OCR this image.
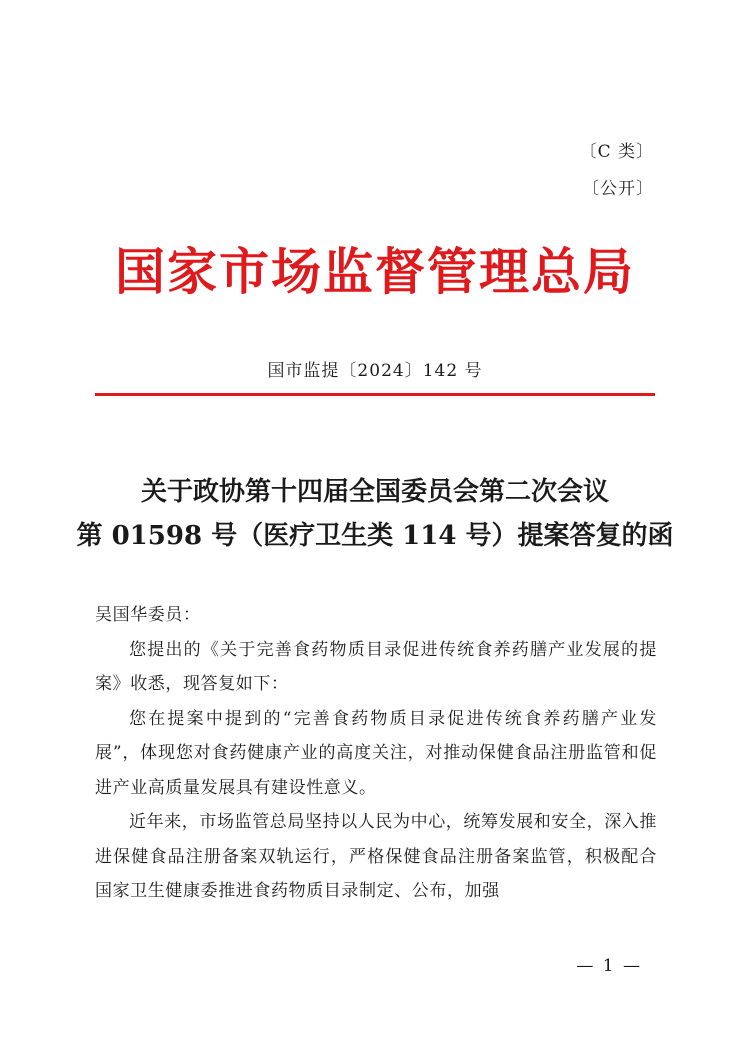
〔C 类〕
〔公开〕
国家市场监督管理总局
国市监提〔2024〕142 号
关于政协第十四届全国委员会第二次会议
第 01598 号（医疗卫生类 114 号）提案答复的函

吴国华委员：

您提出的《关于完善食药物质目录促进传统食养药膳产业发展的提案》收悉，现答复如下：

您在提案中提到的“完善食药物质目录促进传统食养药膳产业发展”，体现您对食药健康产业的高度关注，对推动保健食品注册监管和促进产业高质量发展具有建设性意义。

近年来，市场监管总局坚持以人民为中心，统筹发展和安全，深入推进保健食品注册备案双轨运行，严格保健食品注册备案监管，积极配合国家卫生健康委推进食药物质目录制定、公布，加强

— 1 —
